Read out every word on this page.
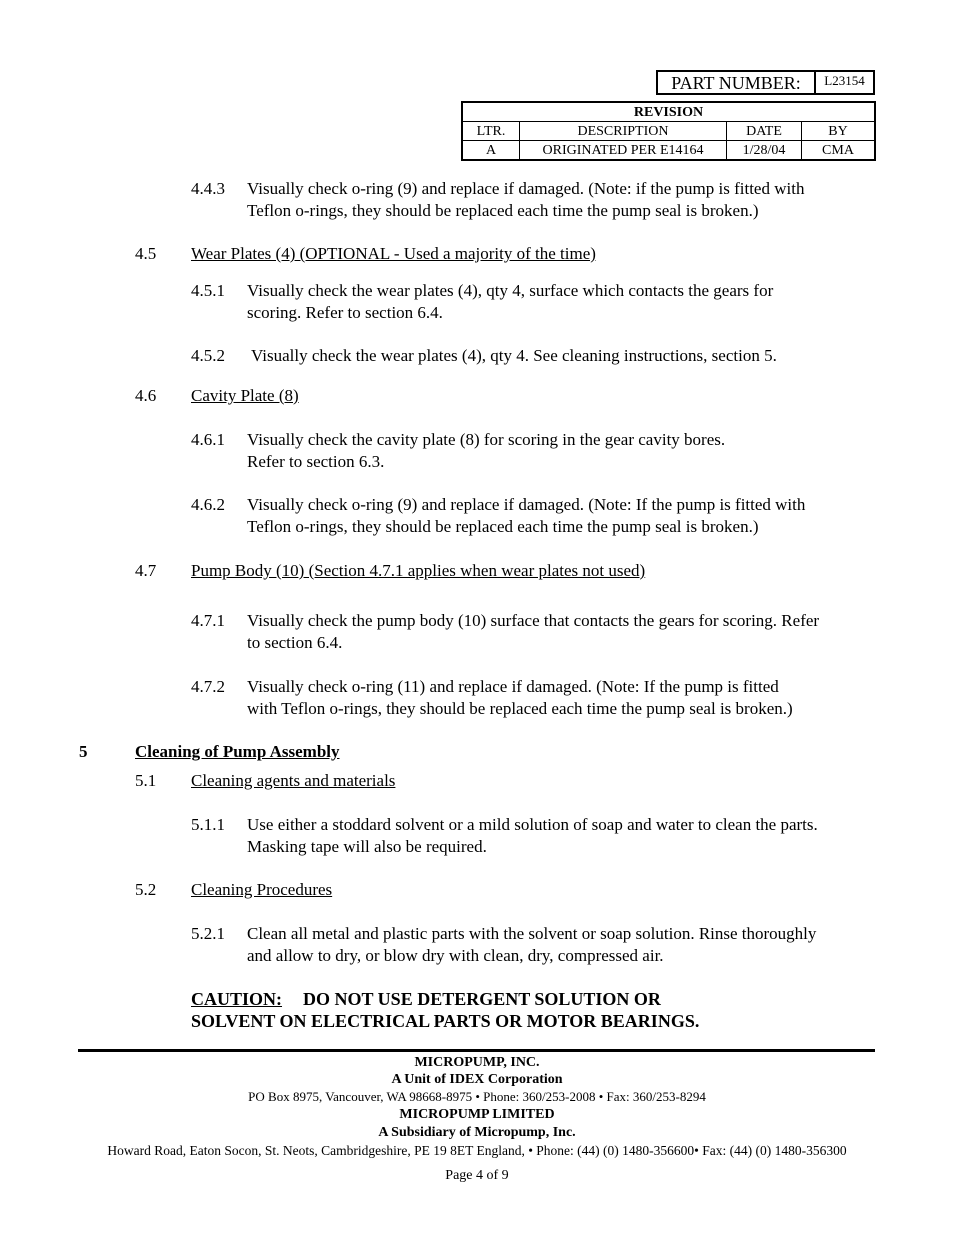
PART NUMBER:	L23154
REVISION			
LTR.	DESCRIPTION	DATE	BY
A	ORIGINATED PER E14164	1/28/04	CMA
4.4.3 Visually check o-ring (9) and replace if damaged. (Note: if the pump is fitted with
Teflon o-rings, they should be replaced each time the pump seal is broken.)
4.5 Wear Plates (4) (OPTIONAL - Used a majority of the time)
4.5.1 Visually check the wear plates (4), qty 4, surface which contacts the gears for
scoring. Refer to section 6.4.
4.5.2 Visually check the wear plates (4), qty 4. See cleaning instructions, section 5.
4.6 Cavity Plate (8)
4.6.1 Visually check the cavity plate (8) for scoring in the gear cavity bores.
Refer to section 6.3.
4.6.2 Visually check o-ring (9) and replace if damaged. (Note: If the pump is fitted with
Teflon o-rings, they should be replaced each time the pump seal is broken.)
4.7 Pump Body (10) (Section 4.7.1 applies when wear plates not used)
4.7.1 Visually check the pump body (10) surface that contacts the gears for scoring. Refer
to section 6.4.
4.7.2 Visually check o-ring (11) and replace if damaged. (Note: If the pump is fitted
with Teflon o-rings, they should be replaced each time the pump seal is broken.)
5	Cleaning of Pump Assembly
5.1 Cleaning agents and materials
5.1.1 Use either a stoddard solvent or a mild solution of soap and water to clean the parts.
Masking tape will also be required.
5.2 Cleaning Procedures
5.2.1 Clean all metal and plastic parts with the solvent or soap solution. Rinse thoroughly
and allow to dry, or blow dry with clean, dry, compressed air.
CAUTION: DO NOT USE DETERGENT SOLUTION OR
SOLVENT ON ELECTRICAL PARTS OR MOTOR BEARINGS.
MICROPUMP, INC.
A Unit of IDEX Corporation
PO Box 8975, Vancouver, WA 98668-8975 • Phone: 360/253-2008 • Fax: 360/253-8294
MICROPUMP LIMITED
A Subsidiary of Micropump, Inc.
Howard Road, Eaton Socon, St. Neots, Cambridgeshire, PE 19 8ET England, • Phone: (44) (0) 1480-356600• Fax: (44) (0) 1480-356300
Page 4 of 9
